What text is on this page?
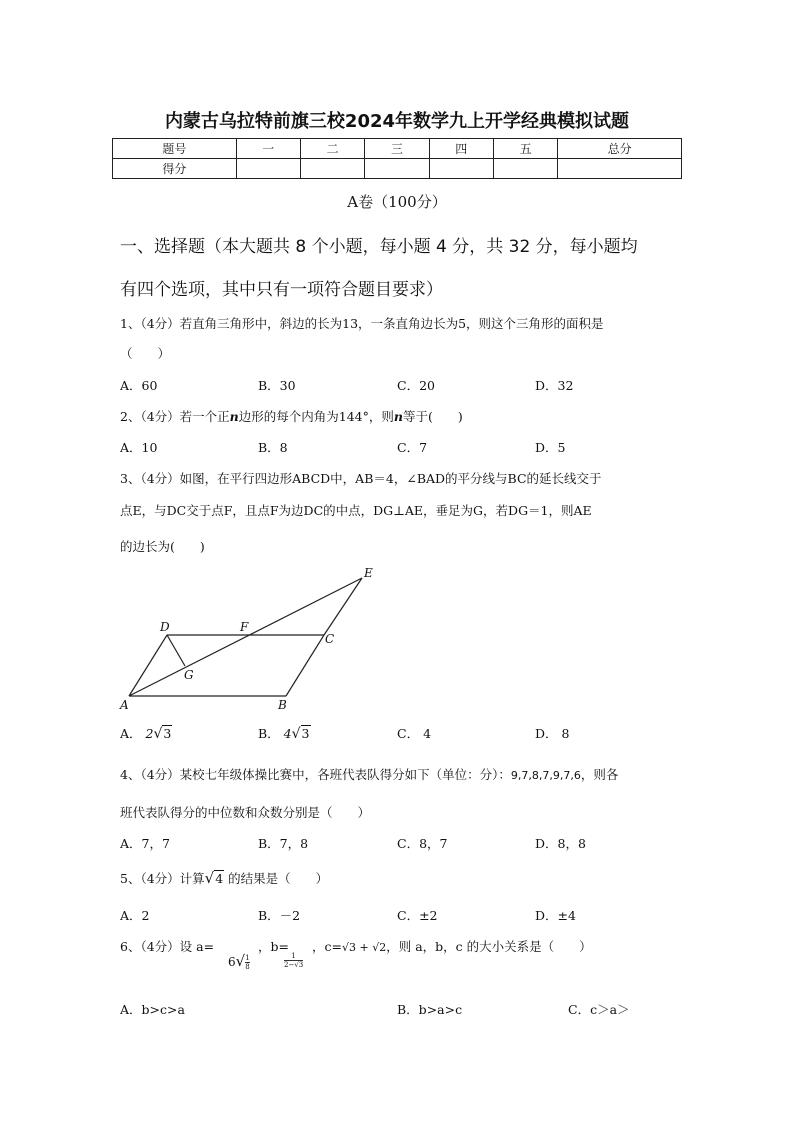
内蒙古乌拉特前旗三校2024年数学九上开学经典模拟试题
题号	一	二	三	四	五	总分
得分						
A卷（100分）
一、选择题（本大题共 8 个小题，每小题 4 分，共 32 分，每小题均
有四个选项，其中只有一项符合题目要求）
1、（4分）若直角三角形中，斜边的长为13，一条直角边长为5，则这个三角形的面积是
（　　）
A．60	B．30	C．20	D．32
2、（4分）若一个正n边形的每个内角为144°，则n等于(　　)
A．10	B．8	C．7	D．5
3、（4分）如图，在平行四边形ABCD中，AB＝4，∠BAD的平分线与BC的延长线交于
点E，与DC交于点F，且点F为边DC的中点，DG⊥AE，垂足为G，若DG＝1，则AE
的边长为(　　)
A	B
C
D
E
F
G
A． 2√3	B． 4√3	C． 4	D． 8
4、（4分）某校七年级体操比赛中，各班代表队得分如下（单位：分）：9,7,8,7,9,7,6，则各
班代表队得分的中位数和众数分别是（　　）
A．7，7	B．7，8	C．8，7	D．8，8
5、（4分）计算√4 的结果是（　　）
A．2	B．－2	C．±2	D．±4
6、（4分）设 a=
$6√ \frac{1}{8}$
，b=
$\frac{1}{2-√3}$
，c=√3 + √2，则 a，b，c 的大小关系是（　　）
A．b>c>a	B．b>a>c	C．c＞a＞
